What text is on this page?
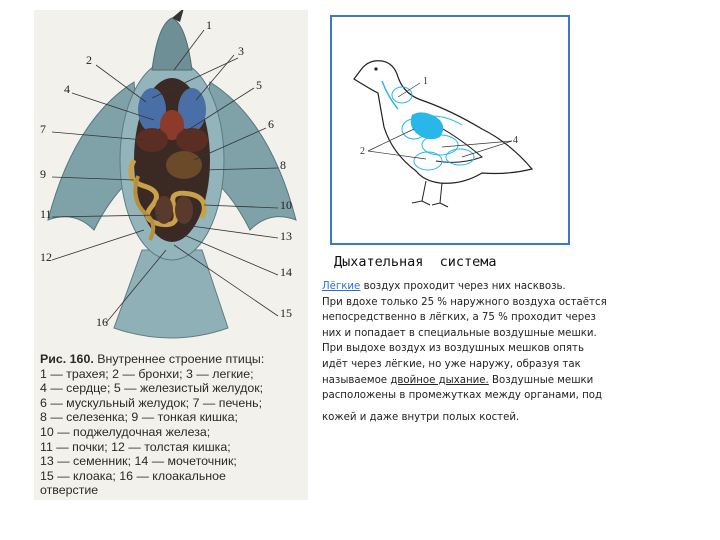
1
2
3
4	5
6
7
8
9
10
11
13
12
14
15
16
Рис. 160. Внутреннее строение птицы:
1 — трахея; 2 — бронхи; 3 — легкие;
4 — сердце; 5 — железистый желудок;
6 — мускульный желудок; 7 — печень;
8 — селезенка; 9 — тонкая кишка;
10 — поджелудочная железа;
11 — почки; 12 — толстая кишка;
13 — семенник; 14 — мочеточник;
15 — клоака; 16 — клоакальное
отверстие
1
2
4
Дыхательная  система
Лёгкие воздух проходит через них насквозь.
При вдохе только 25 % наружного воздуха остаётся
непосредственно в лёгких, а 75 % проходит через
них и попадает в специальные воздушные мешки.
При выдохе воздух из воздушных мешков опять
идёт через лёгкие, но уже наружу, образуя так
называемое двойное дыхание. Воздушные мешки
расположены в промежутках между органами, под
кожей и даже внутри полых костей.
